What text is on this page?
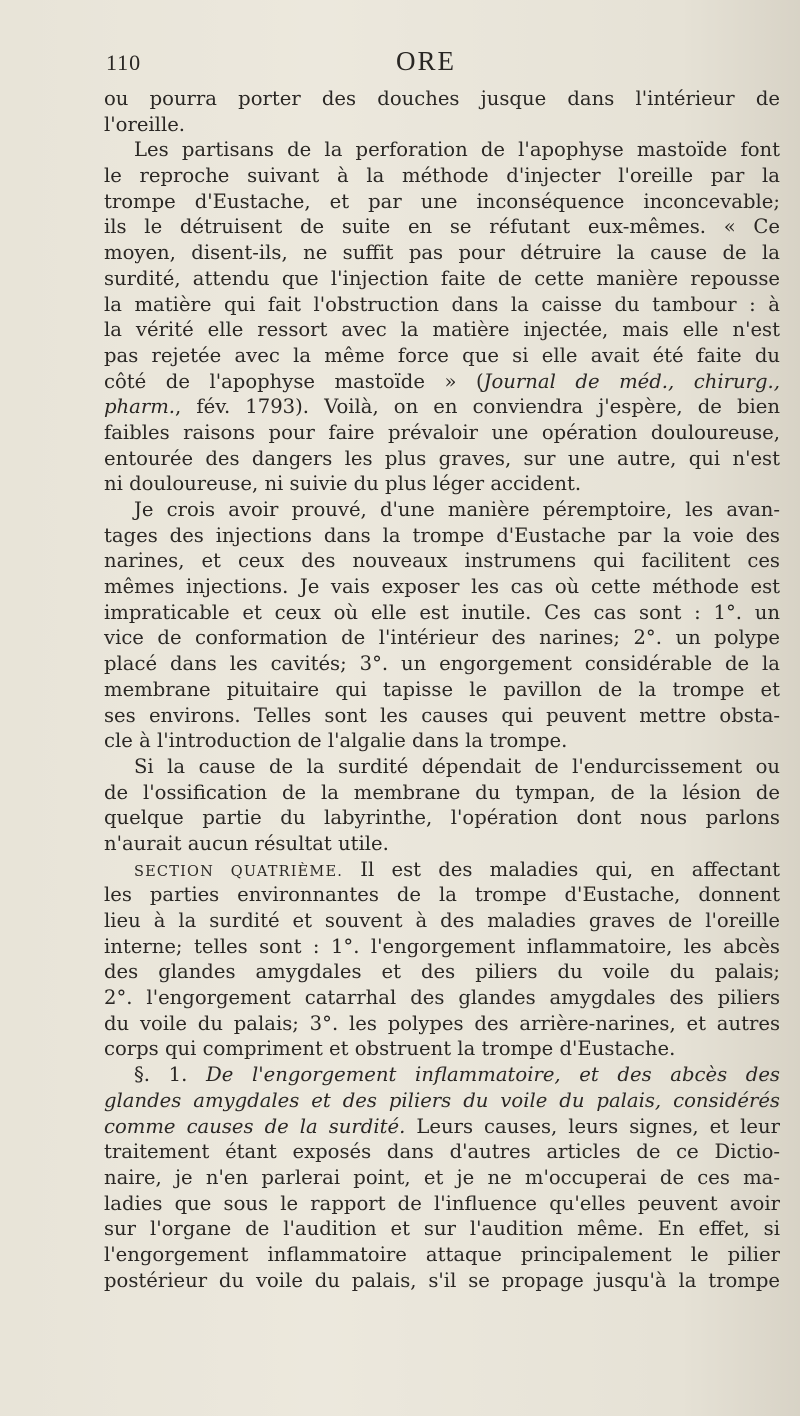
110	ORE
ou pourra porter des douches jusque dans l'intérieur de
l'oreille.
Les partisans de la perforation de l'apophyse mastoïde font
le reproche suivant à la méthode d'injecter l'oreille par la
trompe d'Eustache, et par une inconséquence inconcevable;
ils le détruisent de suite en se réfutant eux-mêmes. « Ce
moyen, disent-ils, ne suffit pas pour détruire la cause de la
surdité, attendu que l'injection faite de cette manière repousse
la matière qui fait l'obstruction dans la caisse du tambour : à
la vérité elle ressort avec la matière injectée, mais elle n'est
pas rejetée avec la même force que si elle avait été faite du
côté de l'apophyse mastoïde » (Journal de méd., chirurg.,
pharm., fév. 1793). Voilà, on en conviendra j'espère, de bien
faibles raisons pour faire prévaloir une opération douloureuse,
entourée des dangers les plus graves, sur une autre, qui n'est
ni douloureuse, ni suivie du plus léger accident.
Je crois avoir prouvé, d'une manière péremptoire, les avan-
tages des injections dans la trompe d'Eustache par la voie des
narines, et ceux des nouveaux instrumens qui facilitent ces
mêmes injections. Je vais exposer les cas où cette méthode est
impraticable et ceux où elle est inutile. Ces cas sont : 1°. un
vice de conformation de l'intérieur des narines; 2°. un polype
placé dans les cavités; 3°. un engorgement considérable de la
membrane pituitaire qui tapisse le pavillon de la trompe et
ses environs. Telles sont les causes qui peuvent mettre obsta-
cle à l'introduction de l'algalie dans la trompe.
Si la cause de la surdité dépendait de l'endurcissement ou
de l'ossification de la membrane du tympan, de la lésion de
quelque partie du labyrinthe, l'opération dont nous parlons
n'aurait aucun résultat utile.
SECTION QUATRIÈME. Il est des maladies qui, en affectant
les parties environnantes de la trompe d'Eustache, donnent
lieu à la surdité et souvent à des maladies graves de l'oreille
interne; telles sont : 1°. l'engorgement inflammatoire, les abcès
des glandes amygdales et des piliers du voile du palais;
2°. l'engorgement catarrhal des glandes amygdales des piliers
du voile du palais; 3°. les polypes des arrière-narines, et autres
corps qui compriment et obstruent la trompe d'Eustache.
§. 1. De l'engorgement inflammatoire, et des abcès des
glandes amygdales et des piliers du voile du palais, considérés
comme causes de la surdité. Leurs causes, leurs signes, et leur
traitement étant exposés dans d'autres articles de ce Dictio-
naire, je n'en parlerai point, et je ne m'occuperai de ces ma-
ladies que sous le rapport de l'influence qu'elles peuvent avoir
sur l'organe de l'audition et sur l'audition même. En effet, si
l'engorgement inflammatoire attaque principalement le pilier
postérieur du voile du palais, s'il se propage jusqu'à la trompe
